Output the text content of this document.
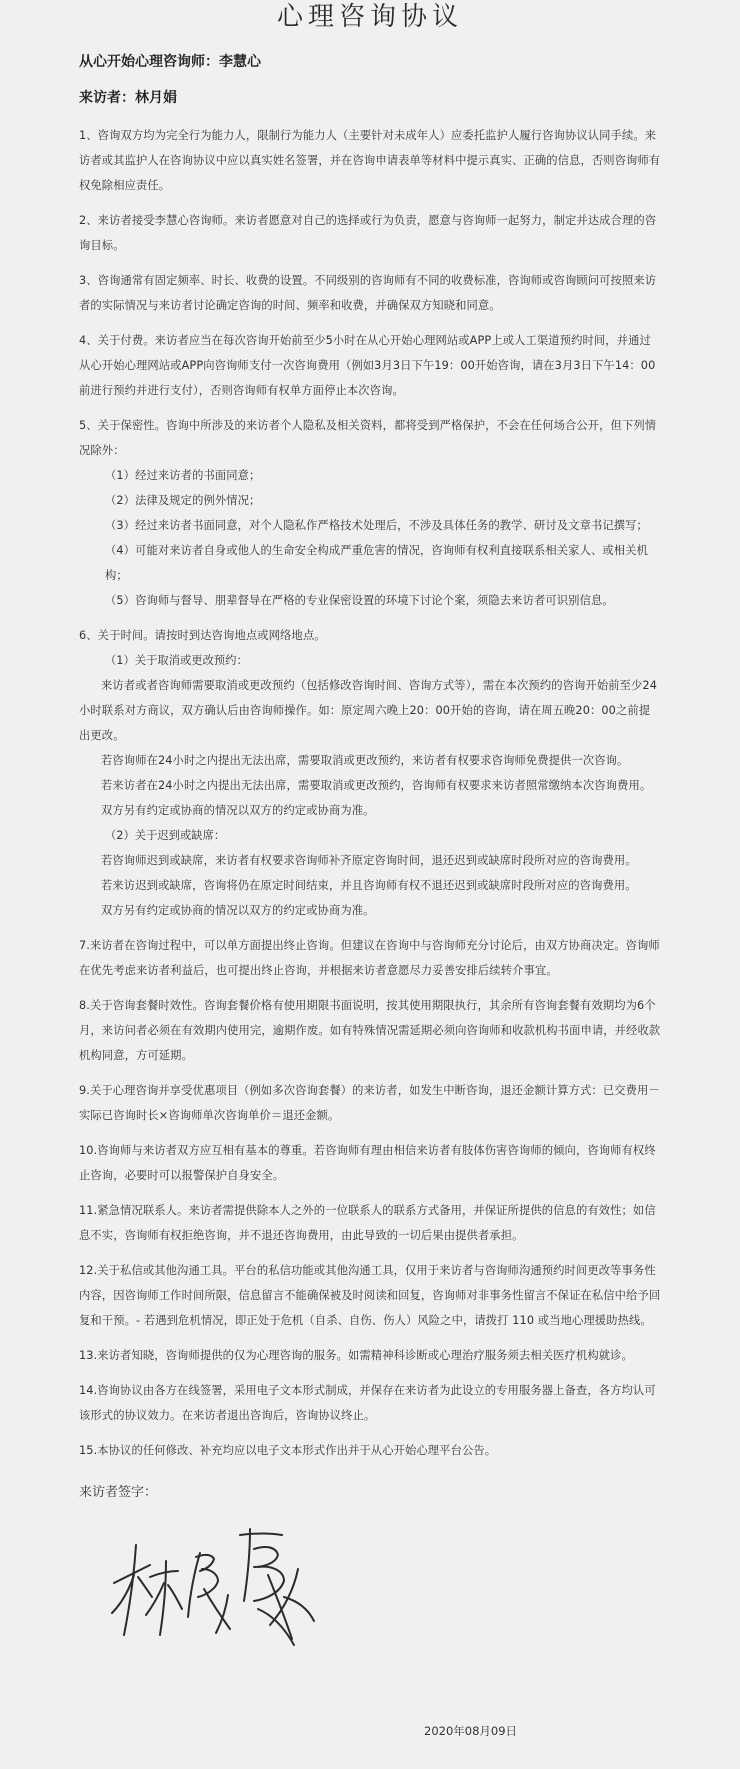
心理咨询协议

从心开始心理咨询师：李慧心

来访者：林月娟

1、咨询双方均为完全行为能力人，限制行为能力人（主要针对未成年人）应委托监护人履行咨询协议认同手续。来访者或其监护人在咨询协议中应以真实姓名签署，并在咨询申请表单等材料中提示真实、正确的信息，否则咨询师有权免除相应责任。

2、来访者接受李慧心咨询师。来访者愿意对自己的选择或行为负责，愿意与咨询师一起努力，制定并达成合理的咨询目标。

3、咨询通常有固定频率、时长、收费的设置。不同级别的咨询师有不同的收费标准，咨询师或咨询顾问可按照来访者的实际情况与来访者讨论确定咨询的时间、频率和收费，并确保双方知晓和同意。

4、关于付费。来访者应当在每次咨询开始前至少5小时在从心开始心理网站或APP上或人工渠道预约时间，并通过从心开始心理网站或APP向咨询师支付一次咨询费用（例如3月3日下午19：00开始咨询，请在3月3日下午14：00前进行预约并进行支付），否则咨询师有权单方面停止本次咨询。

5、关于保密性。咨询中所涉及的来访者个人隐私及相关资料，都将受到严格保护，不会在任何场合公开，但下列情况除外：

（1）经过来访者的书面同意；

（2）法律及规定的例外情况；

（3）经过来访者书面同意，对个人隐私作严格技术处理后，不涉及具体任务的教学、研讨及文章书记撰写；

（4）可能对来访者自身或他人的生命安全构成严重危害的情况，咨询师有权利直接联系相关家人、或相关机构；

（5）咨询师与督导、朋辈督导在严格的专业保密设置的环境下讨论个案，须隐去来访者可识别信息。

6、关于时间。请按时到达咨询地点或网络地点。

（1）关于取消或更改预约：

来访者或者咨询师需要取消或更改预约（包括修改咨询时间、咨询方式等），需在本次预约的咨询开始前至少24小时联系对方商议，双方确认后由咨询师操作。如：原定周六晚上20：00开始的咨询，请在周五晚20：00之前提出更改。

若咨询师在24小时之内提出无法出席，需要取消或更改预约，来访者有权要求咨询师免费提供一次咨询。

若来访者在24小时之内提出无法出席，需要取消或更改预约，咨询师有权要求来访者照常缴纳本次咨询费用。

双方另有约定或协商的情况以双方的约定或协商为准。

（2）关于迟到或缺席：

若咨询师迟到或缺席，来访者有权要求咨询师补齐原定咨询时间，退还迟到或缺席时段所对应的咨询费用。

若来访迟到或缺席，咨询将仍在原定时间结束，并且咨询师有权不退还迟到或缺席时段所对应的咨询费用。

双方另有约定或协商的情况以双方的约定或协商为准。

7.来访者在咨询过程中，可以单方面提出终止咨询。但建议在咨询中与咨询师充分讨论后，由双方协商决定。咨询师在优先考虑来访者利益后，也可提出终止咨询，并根据来访者意愿尽力妥善安排后续转介事宜。

8.关于咨询套餐时效性。咨询套餐价格有使用期限书面说明，按其使用期限执行，其余所有咨询套餐有效期均为6个月，来访问者必须在有效期内使用完，逾期作废。如有特殊情况需延期必须向咨询师和收款机构书面申请，并经收款机构同意，方可延期。

9.关于心理咨询并享受优惠项目（例如多次咨询套餐）的来访者，如发生中断咨询，退还金额计算方式：已交费用－实际已咨询时长×咨询师单次咨询单价＝退还金额。

10.咨询师与来访者双方应互相有基本的尊重。若咨询师有理由相信来访者有肢体伤害咨询师的倾向，咨询师有权终止咨询，必要时可以报警保护自身安全。

11.紧急情况联系人。来访者需提供除本人之外的一位联系人的联系方式备用，并保证所提供的信息的有效性；如信息不实，咨询师有权拒绝咨询，并不退还咨询费用，由此导致的一切后果由提供者承担。

12.关于私信或其他沟通工具。平台的私信功能或其他沟通工具，仅用于来访者与咨询师沟通预约时间更改等事务性内容，因咨询师工作时间所限，信息留言不能确保被及时阅读和回复，咨询师对非事务性留言不保证在私信中给予回复和干预。- 若遇到危机情况，即正处于危机（自杀、自伤、伤人）风险之中，请拨打 110 或当地心理援助热线。

13.来访者知晓，咨询师提供的仅为心理咨询的服务。如需精神科诊断或心理治疗服务须去相关医疗机构就诊。

14.咨询协议由各方在线签署，采用电子文本形式制成，并保存在来访者为此设立的专用服务器上备查，各方均认可该形式的协议效力。在来访者退出咨询后，咨询协议终止。

15.本协议的任何修改、补充均应以电子文本形式作出并于从心开始心理平台公告。

来访者签字：

2020年08月09日
